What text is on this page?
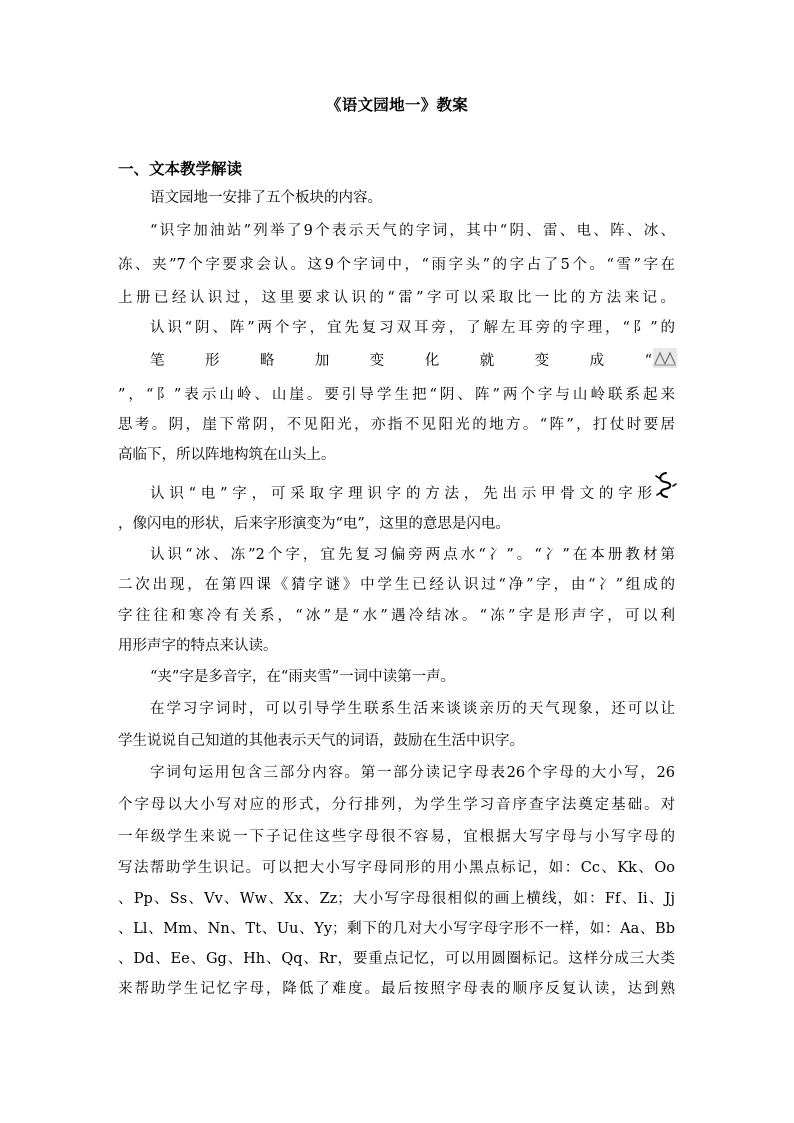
《语文园地一》教案
一、文本教学解读
语文园地一安排了五个板块的内容。
“识字加油站”列举了9个表示天气的字词，其中“阴、雷、电、阵、冰、
冻、夹”7个字要求会认。这9个字词中，“雨字头”的字占了5个。“雪”字在
上册已经认识过，这里要求认识的“雷”字可以采取比一比的方法来记。
认识“阴、阵”两个字，宜先复习双耳旁，了解左耳旁的字理，“阝”的
笔　　形　　略　　加　　变　　化　　就　　变　　成　　“
”，“阝”表示山岭、山崖。要引导学生把“阴、阵”两个字与山岭联系起来
思考。阴，崖下常阴，不见阳光，亦指不见阳光的地方。“阵”，打仗时要居
高临下，所以阵地构筑在山头上。
认识“电”字，可采取字理识字的方法，先出示甲骨文的字形
，像闪电的形状，后来字形演变为“电”，这里的意思是闪电。
认识“冰、冻”2个字，宜先复习偏旁两点水“冫”。“冫”在本册教材第
二次出现，在第四课《猜字谜》中学生已经认识过“净”字，由“冫”组成的
字往往和寒冷有关系，“冰”是“水”遇冷结冰。“冻”字是形声字，可以利
用形声字的特点来认读。
“夹”字是多音字，在“雨夹雪”一词中读第一声。
在学习字词时，可以引导学生联系生活来谈谈亲历的天气现象，还可以让
学生说说自己知道的其他表示天气的词语，鼓励在生活中识字。
字词句运用包含三部分内容。第一部分读记字母表26个字母的大小写，26
个字母以大小写对应的形式，分行排列，为学生学习音序查字法奠定基础。对
一年级学生来说一下子记住这些字母很不容易，宜根据大写字母与小写字母的
写法帮助学生识记。可以把大小写字母同形的用小黑点标记，如：Cc、Kk、Oo
、Pp、Ss、Vv、Ww、Xx、Zz；大小写字母很相似的画上横线，如：Ff、Ii、Jj
、Ll、Mm、Nn、Tt、Uu、Yy；剩下的几对大小写字母字形不一样，如：Aa、Bb
、Dd、Ee、Gg、Hh、Qq、Rr，要重点记忆，可以用圆圈标记。这样分成三大类
来帮助学生记忆字母，降低了难度。最后按照字母表的顺序反复认读，达到熟
